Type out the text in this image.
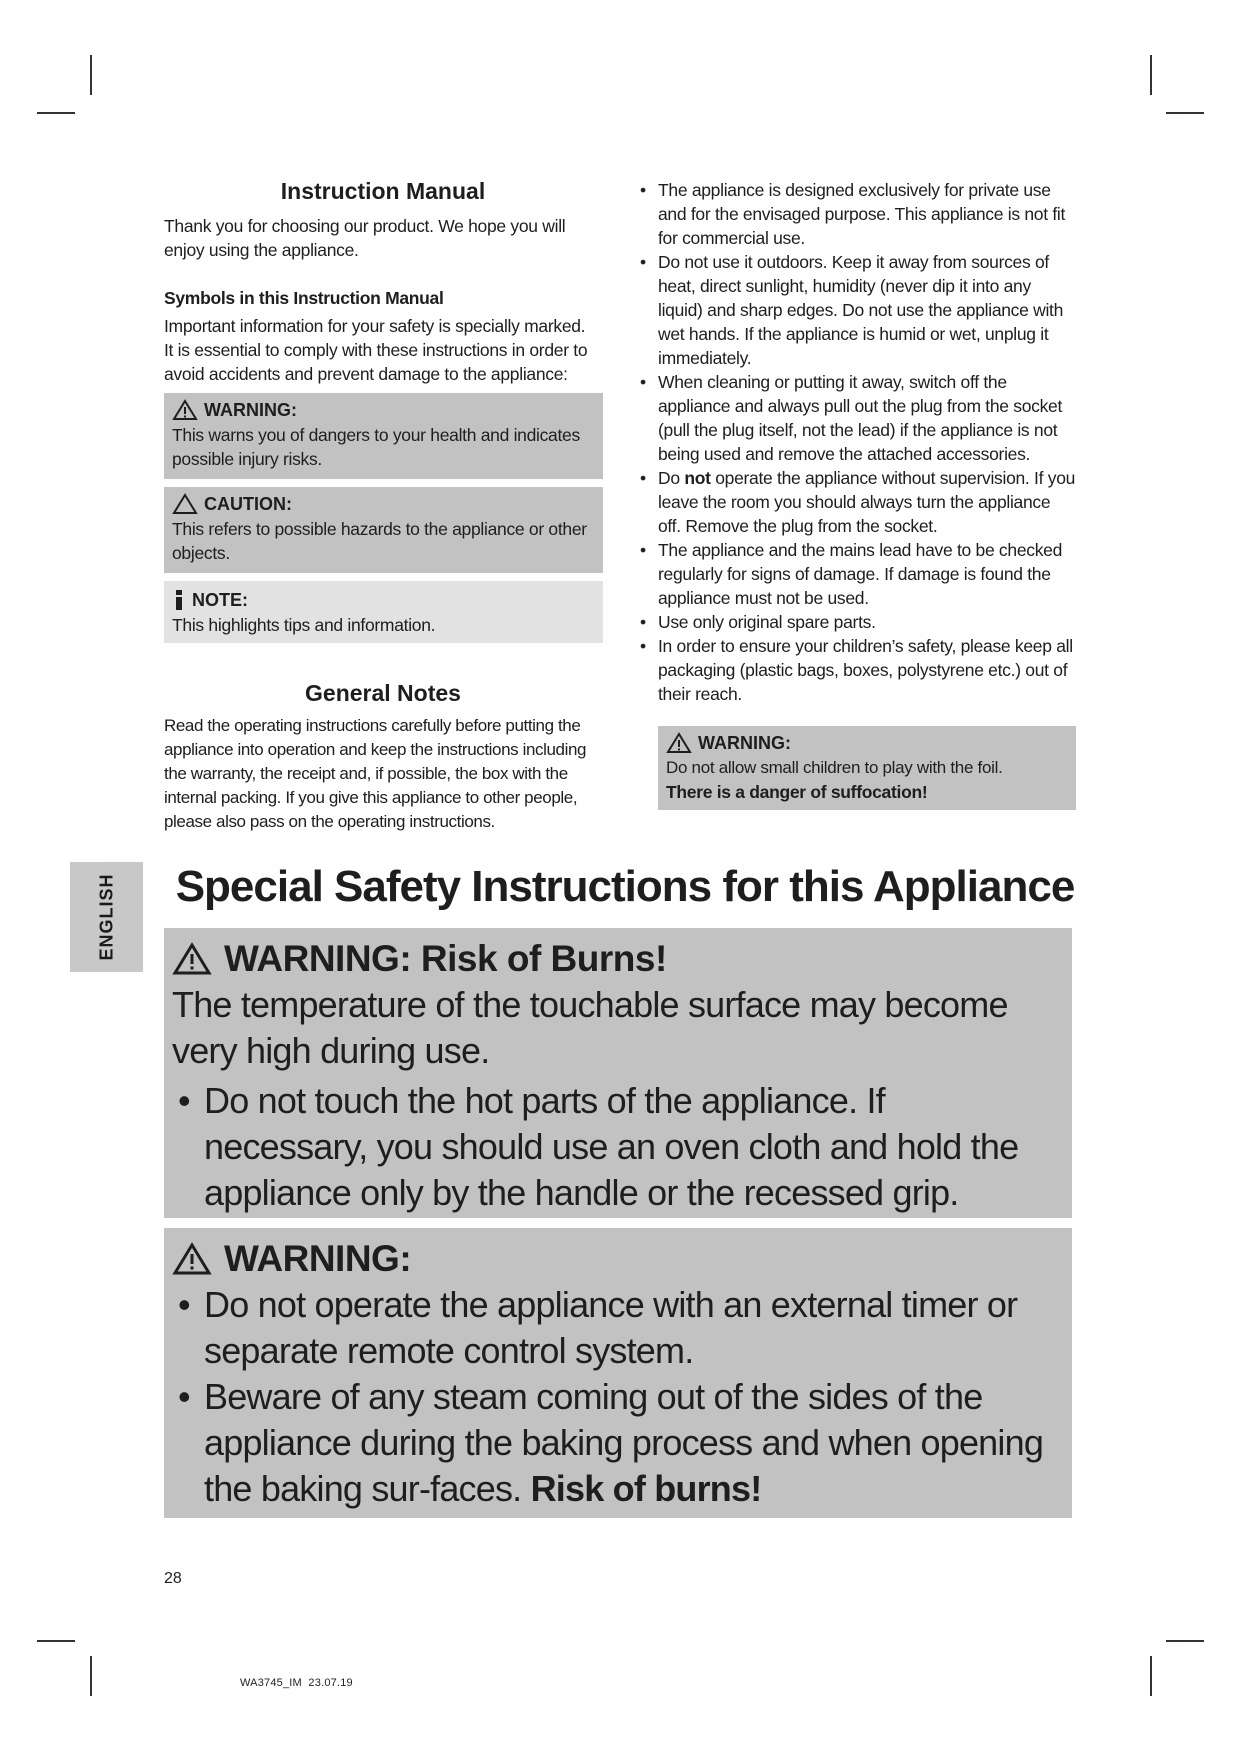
Instruction Manual
Thank you for choosing our product. We hope you will enjoy using the appliance.
Symbols in this Instruction Manual
Important information for your safety is specially marked.
It is essential to comply with these instructions in order to avoid accidents and prevent damage to the appliance:
WARNING:
This warns you of dangers to your health and indicates possible injury risks.
CAUTION:
This refers to possible hazards to the appliance or other objects.
NOTE:
This highlights tips and information.
General Notes
Read the operating instructions carefully before putting the appliance into operation and keep the instructions including the warranty, the receipt and, if possible, the box with the internal packing. If you give this appliance to other people, please also pass on the operating instructions.
• The appliance is designed exclusively for private use and for the envisaged purpose. This appliance is not fit for commercial use.
• Do not use it outdoors. Keep it away from sources of heat, direct sunlight, humidity (never dip it into any liquid) and sharp edges. Do not use the appliance with wet hands. If the appliance is humid or wet, unplug it immediately.
• When cleaning or putting it away, switch off the appliance and always pull out the plug from the socket (pull the plug itself, not the lead) if the appliance is not being used and remove the attached accessories.
• Do not operate the appliance without supervision. If you leave the room you should always turn the appliance off. Remove the plug from the socket.
• The appliance and the mains lead have to be checked regularly for signs of damage. If damage is found the appliance must not be used.
• Use only original spare parts.
• In order to ensure your children’s safety, please keep all packaging (plastic bags, boxes, polystyrene etc.) out of their reach.
WARNING:
Do not allow small children to play with the foil.
There is a danger of suffocation!
ENGLISH	Special Safety Instructions for this Appliance
WARNING: Risk of Burns!
The temperature of the touchable surface may become very high during use.
• Do not touch the hot parts of the appliance. If necessary, you should use an oven cloth and hold the appliance only by the handle or the recessed grip.
WARNING:
• Do not operate the appliance with an external timer or separate remote control system.
• Beware of any steam coming out of the sides of the appliance during the baking process and when opening the baking sur-faces. Risk of burns!
28
WA3745_IM  23.07.19
